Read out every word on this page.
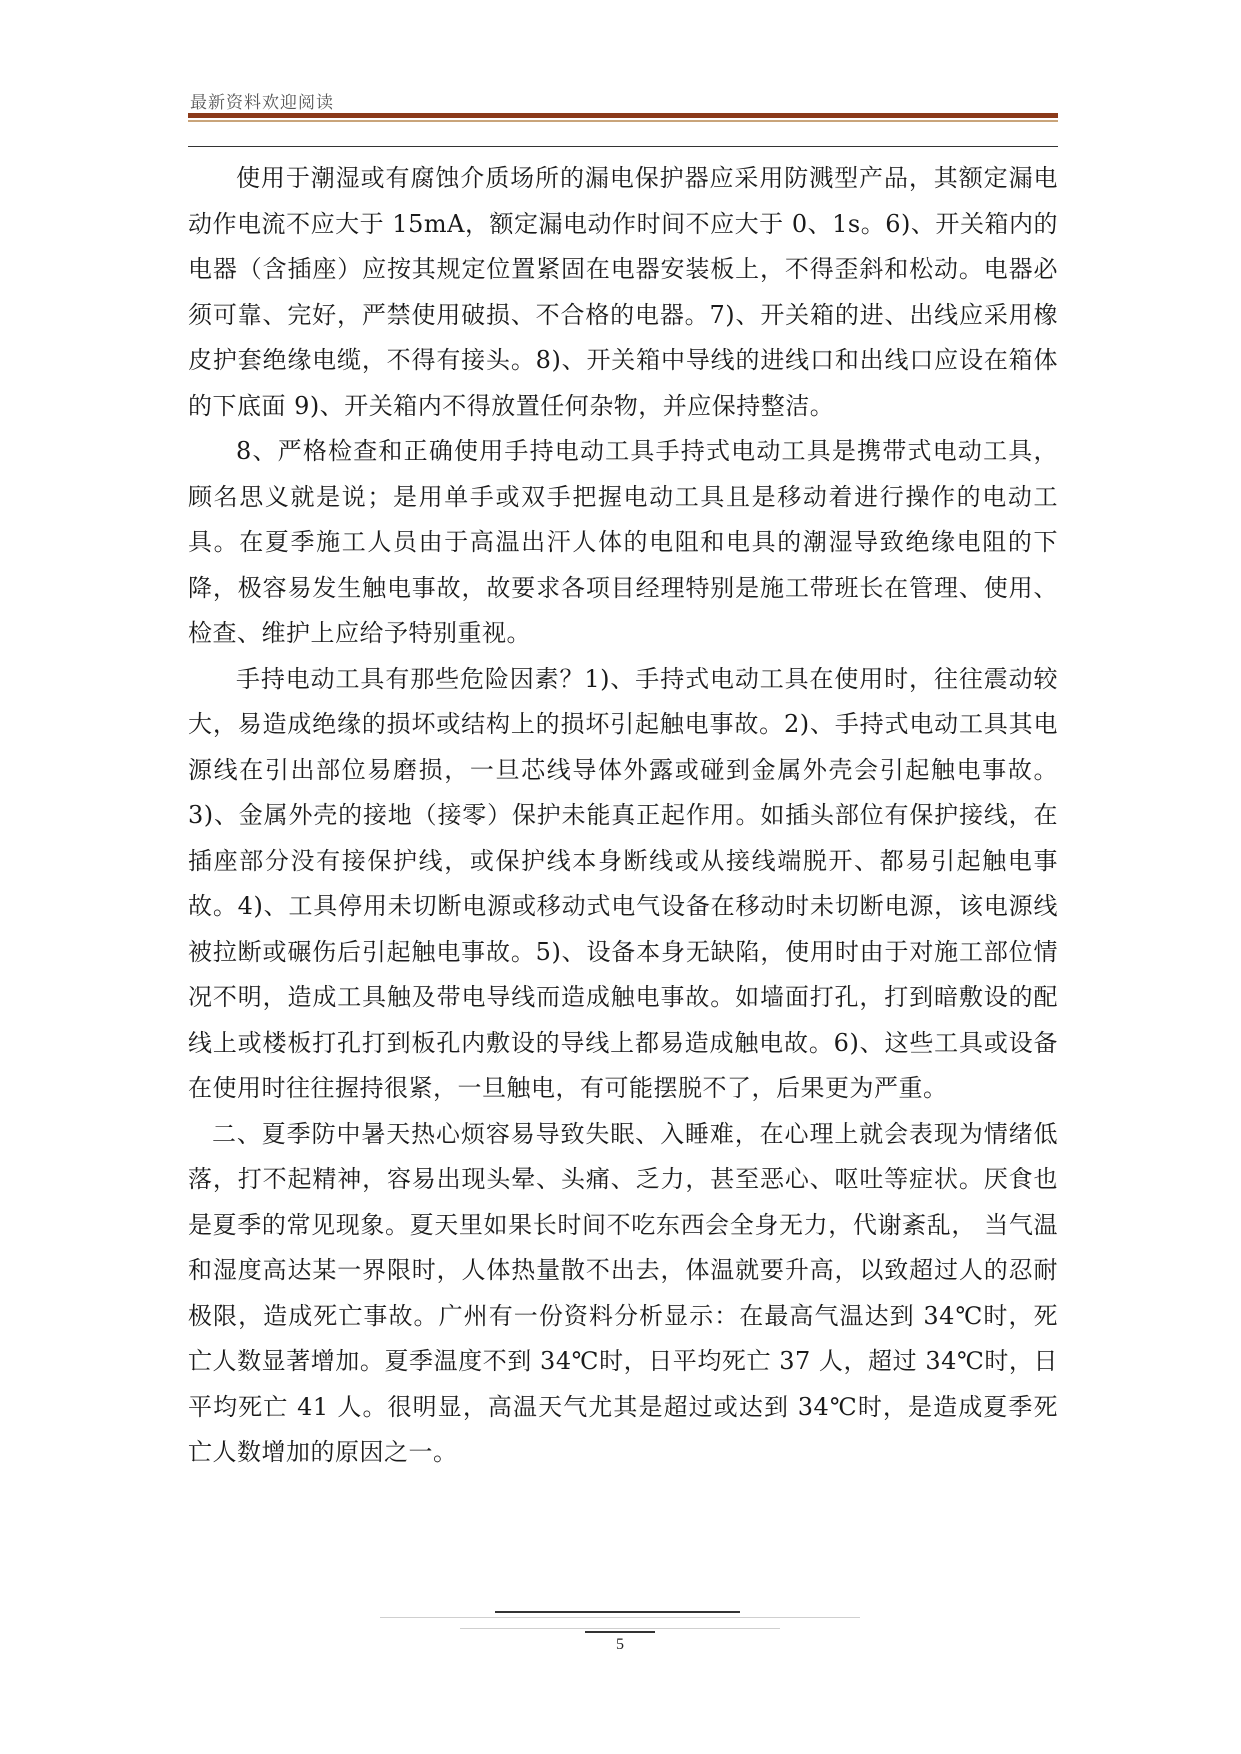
最新资料欢迎阅读

使用于潮湿或有腐蚀介质场所的漏电保护器应采用防溅型产品，其额定漏电动作电流不应大于 15mA，额定漏电动作时间不应大于 0、1s。6)、开关箱内的电器（含插座）应按其规定位置紧固在电器安装板上，不得歪斜和松动。电器必须可靠、完好，严禁使用破损、不合格的电器。7)、开关箱的进、出线应采用橡皮护套绝缘电缆，不得有接头。8)、开关箱中导线的进线口和出线口应设在箱体的下底面 9)、开关箱内不得放置任何杂物，并应保持整洁。

8、严格检查和正确使用手持电动工具手持式电动工具是携带式电动工具，顾名思义就是说；是用单手或双手把握电动工具且是移动着进行操作的电动工具。在夏季施工人员由于高温出汗人体的电阻和电具的潮湿导致绝缘电阻的下降，极容易发生触电事故，故要求各项目经理特别是施工带班长在管理、使用、检查、维护上应给予特别重视。

手持电动工具有那些危险因素？1)、手持式电动工具在使用时，往往震动较大，易造成绝缘的损坏或结构上的损坏引起触电事故。2)、手持式电动工具其电源线在引出部位易磨损，一旦芯线导体外露或碰到金属外壳会引起触电事故。3)、金属外壳的接地（接零）保护未能真正起作用。如插头部位有保护接线，在插座部分没有接保护线，或保护线本身断线或从接线端脱开、都易引起触电事故。4)、工具停用未切断电源或移动式电气设备在移动时未切断电源，该电源线被拉断或碾伤后引起触电事故。5)、设备本身无缺陷，使用时由于对施工部位情况不明，造成工具触及带电导线而造成触电事故。如墙面打孔，打到暗敷设的配线上或楼板打孔打到板孔内敷设的导线上都易造成触电故。6)、这些工具或设备在使用时往往握持很紧，一旦触电，有可能摆脱不了，后果更为严重。

二、夏季防中暑天热心烦容易导致失眠、入睡难，在心理上就会表现为情绪低落，打不起精神，容易出现头晕、头痛、乏力，甚至恶心、呕吐等症状。厌食也是夏季的常见现象。夏天里如果长时间不吃东西会全身无力，代谢紊乱， 当气温和湿度高达某一界限时，人体热量散不出去，体温就要升高，以致超过人的忍耐极限，造成死亡事故。广州有一份资料分析显示：在最高气温达到 34℃时，死亡人数显著增加。夏季温度不到 34℃时，日平均死亡 37 人，超过 34℃时，日平均死亡 41 人。很明显，高温天气尤其是超过或达到 34℃时，是造成夏季死亡人数增加的原因之一。

5
